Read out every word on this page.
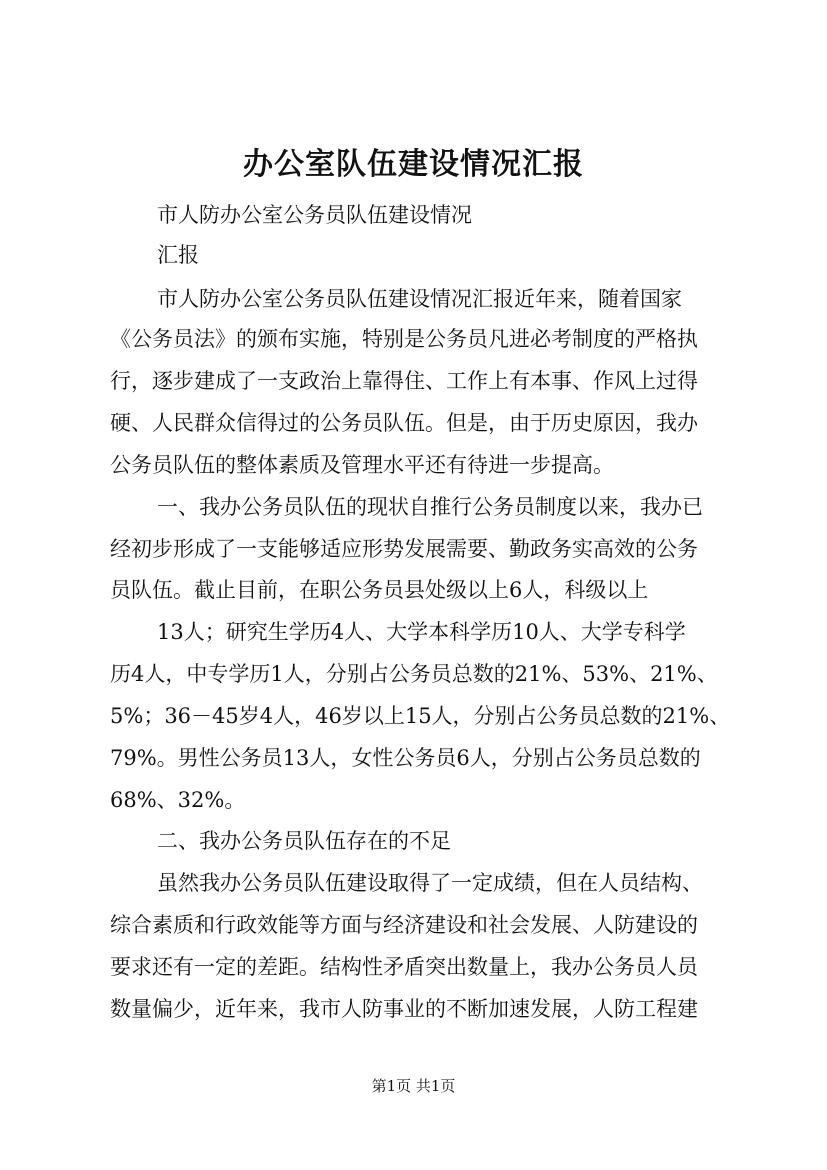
办公室队伍建设情况汇报
市人防办公室公务员队伍建设情况
汇报
市人防办公室公务员队伍建设情况汇报近年来，随着国家
《公务员法》的颁布实施，特别是公务员凡进必考制度的严格执
行，逐步建成了一支政治上靠得住、工作上有本事、作风上过得
硬、人民群众信得过的公务员队伍。但是，由于历史原因，我办
公务员队伍的整体素质及管理水平还有待进一步提高。
一、我办公务员队伍的现状自推行公务员制度以来，我办已
经初步形成了一支能够适应形势发展需要、勤政务实高效的公务
员队伍。截止目前，在职公务员县处级以上6人，科级以上
13人；研究生学历4人、大学本科学历10人、大学专科学
历4人，中专学历1人，分别占公务员总数的21%、53%、21%、
5%；36－45岁4人，46岁以上15人，分别占公务员总数的21%、
79%。男性公务员13人，女性公务员6人，分别占公务员总数的
68%、32%。
二、我办公务员队伍存在的不足
虽然我办公务员队伍建设取得了一定成绩，但在人员结构、
综合素质和行政效能等方面与经济建设和社会发展、人防建设的
要求还有一定的差距。结构性矛盾突出数量上，我办公务员人员
数量偏少，近年来，我市人防事业的不断加速发展，人防工程建
第1页 共1页
